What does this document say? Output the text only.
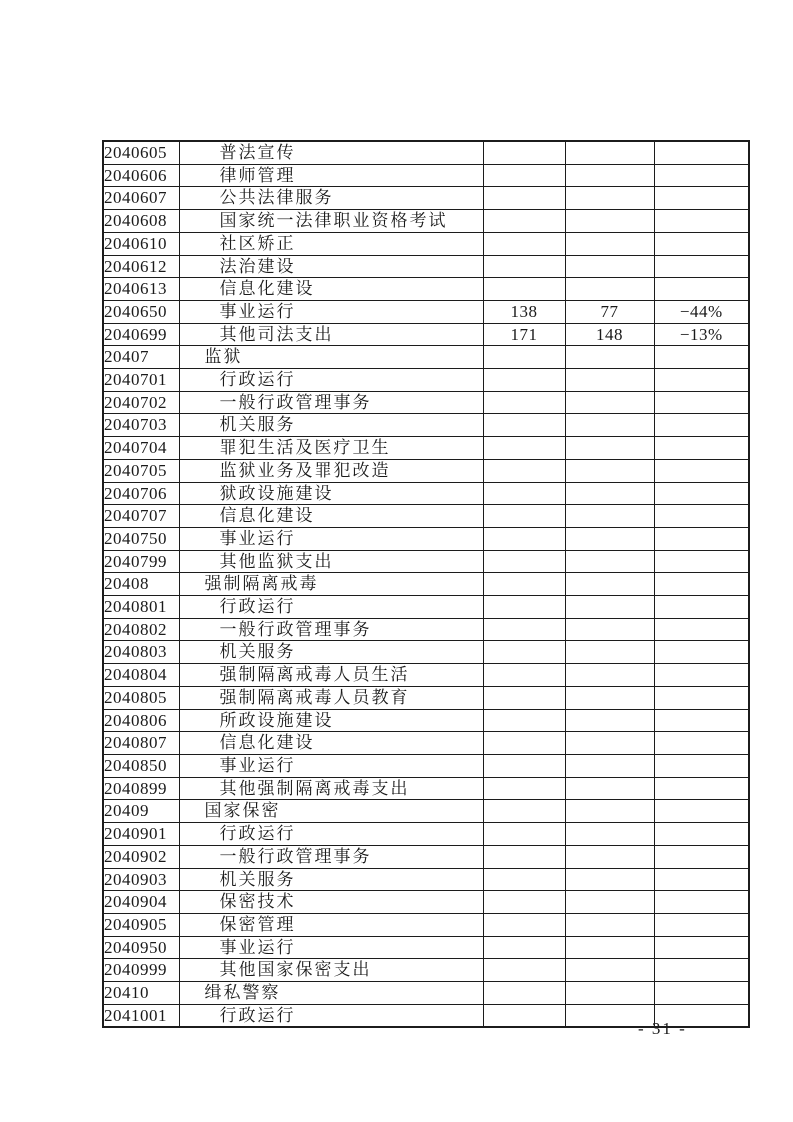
2040605	普法宣传			
2040606	律师管理			
2040607	公共法律服务			
2040608	国家统一法律职业资格考试			
2040610	社区矫正			
2040612	法治建设			
2040613	信息化建设			
2040650	事业运行	138	77	−44%
2040699	其他司法支出	171	148	−13%
20407	监狱			
2040701	行政运行			
2040702	一般行政管理事务			
2040703	机关服务			
2040704	罪犯生活及医疗卫生			
2040705	监狱业务及罪犯改造			
2040706	狱政设施建设			
2040707	信息化建设			
2040750	事业运行			
2040799	其他监狱支出			
20408	强制隔离戒毒			
2040801	行政运行			
2040802	一般行政管理事务			
2040803	机关服务			
2040804	强制隔离戒毒人员生活			
2040805	强制隔离戒毒人员教育			
2040806	所政设施建设			
2040807	信息化建设			
2040850	事业运行			
2040899	其他强制隔离戒毒支出			
20409	国家保密			
2040901	行政运行			
2040902	一般行政管理事务			
2040903	机关服务			
2040904	保密技术			
2040905	保密管理			
2040950	事业运行			
2040999	其他国家保密支出			
20410	缉私警察			
2041001	行政运行			
- 31 -
